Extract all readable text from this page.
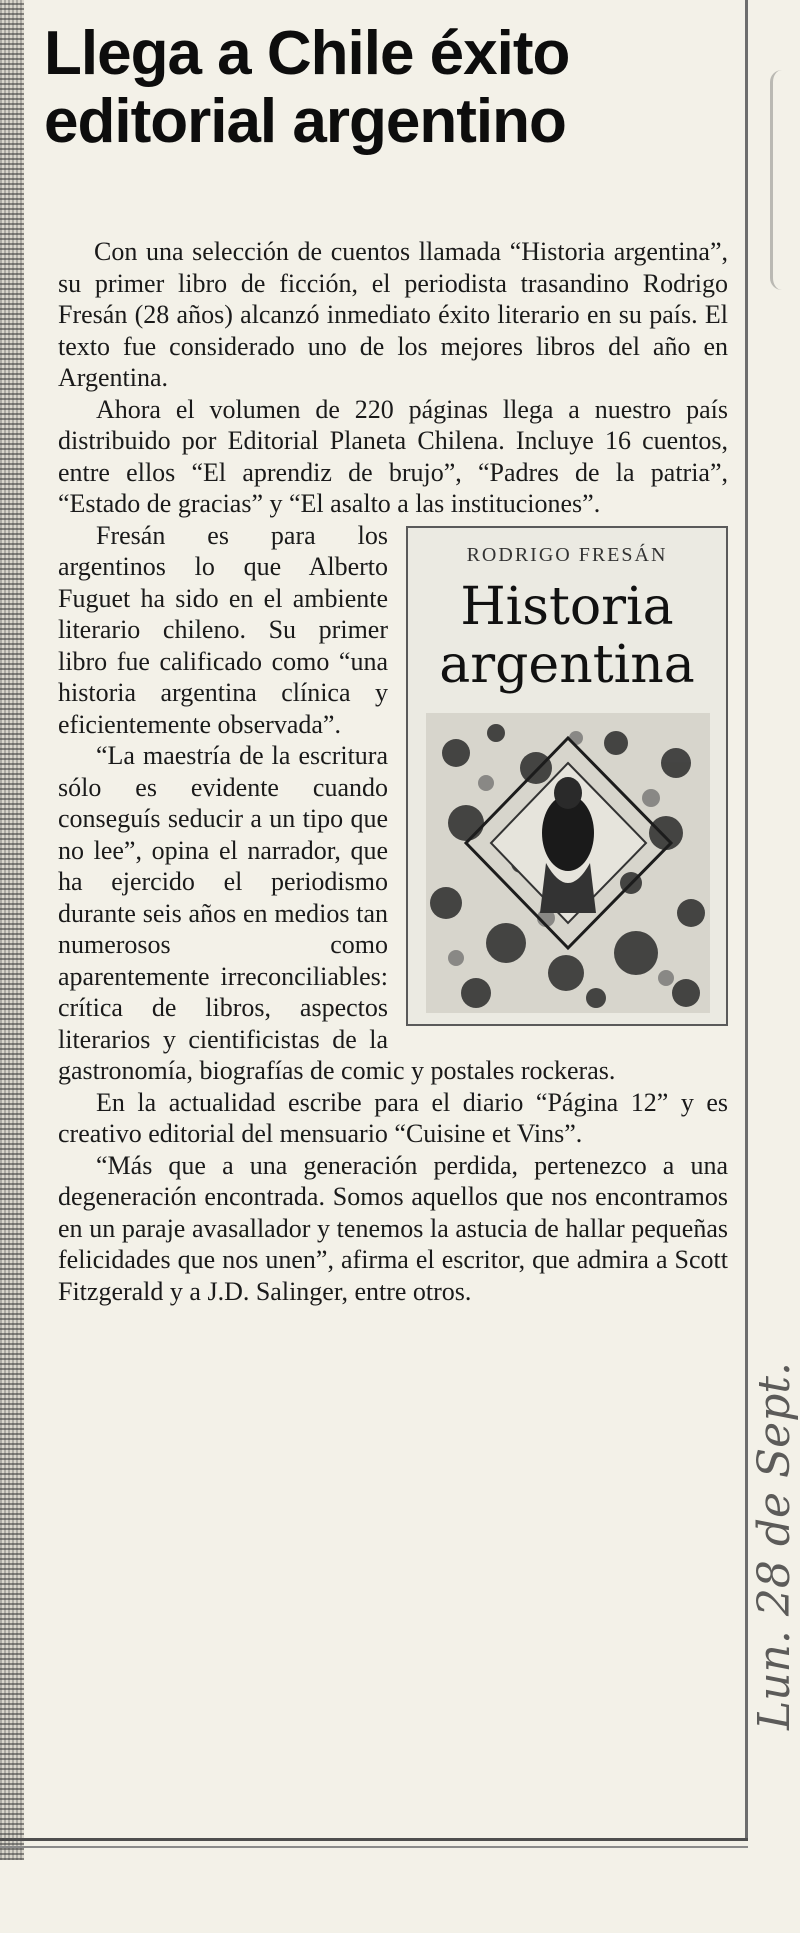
Lun. 28 de Sept.
Llega a Chile éxito
editorial argentino

Con una selección de cuentos llamada “Historia argentina”, su primer libro de ficción, el periodista trasandino Rodrigo Fresán (28 años) alcanzó inmediato éxito literario en su país. El texto fue considerado uno de los mejores libros del año en Argentina.

Ahora el volumen de 220 páginas llega a nuestro país distribuido por Editorial Planeta Chilena. Incluye 16 cuentos, entre ellos “El aprendiz de brujo”, “Padres de la patria”, “Estado de gracias” y “El asalto a las instituciones”.

RODRIGO FRESÁN
Historia
argentina

Fresán es para los argentinos lo que Alberto Fuguet ha sido en el ambiente literario chileno. Su primer libro fue calificado como “una historia argentina clínica y eficientemente observada”.

“La maestría de la escritura sólo es evidente cuando conseguís seducir a un tipo que no lee”, opina el narrador, que ha ejercido el periodismo durante seis años en medios tan numerosos como aparentemente irreconciliables: crítica de libros, aspectos literarios y cientificistas de la gastronomía, biografías de comic y postales rockeras.

En la actualidad escribe para el diario “Página 12” y es creativo editorial del mensuario “Cuisine et Vins”.

“Más que a una generación perdida, pertenezco a una degeneración encontrada. Somos aquellos que nos encontramos en un paraje avasallador y tenemos la astucia de hallar pequeñas felicidades que nos unen”, afirma el escritor, que admira a Scott Fitzgerald y a J.D. Salinger, entre otros.
